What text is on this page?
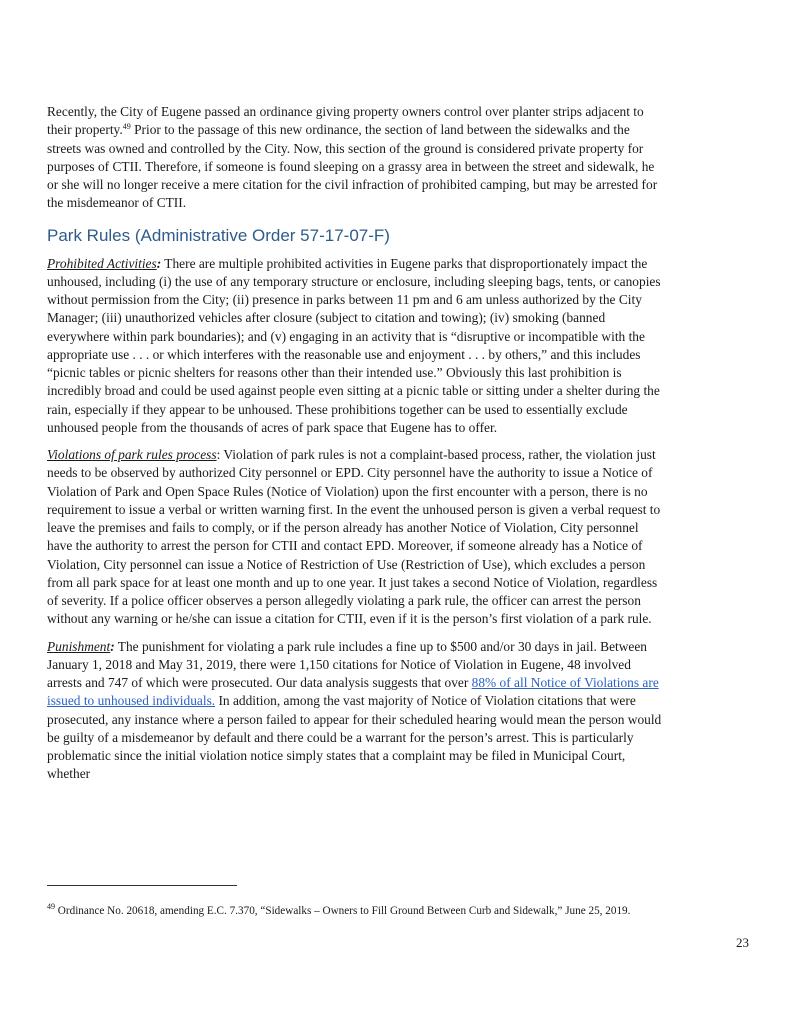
Recently, the City of Eugene passed an ordinance giving property owners control over planter strips adjacent to their property.$^{49}$ Prior to the passage of this new ordinance, the section of land between the sidewalks and the streets was owned and controlled by the City. Now, this section of the ground is considered private property for purposes of CTII. Therefore, if someone is found sleeping on a grassy area in between the street and sidewalk, he or she will no longer receive a mere citation for the civil infraction of prohibited camping, but may be arrested for the misdemeanor of CTII.

Park Rules (Administrative Order 57-17-07-F)

Prohibited Activities: There are multiple prohibited activities in Eugene parks that disproportionately impact the unhoused, including (i) the use of any temporary structure or enclosure, including sleeping bags, tents, or canopies without permission from the City; (ii) presence in parks between 11 pm and 6 am unless authorized by the City Manager; (iii) unauthorized vehicles after closure (subject to citation and towing); (iv) smoking (banned everywhere within park boundaries); and (v) engaging in an activity that is “disruptive or incompatible with the appropriate use . . . or which interferes with the reasonable use and enjoyment . . . by others,” and this includes “picnic tables or picnic shelters for reasons other than their intended use.” Obviously this last prohibition is incredibly broad and could be used against people even sitting at a picnic table or sitting under a shelter during the rain, especially if they appear to be unhoused. These prohibitions together can be used to essentially exclude unhoused people from the thousands of acres of park space that Eugene has to offer.

Violations of park rules process: Violation of park rules is not a complaint-based process, rather, the violation just needs to be observed by authorized City personnel or EPD. City personnel have the authority to issue a Notice of Violation of Park and Open Space Rules (Notice of Violation) upon the first encounter with a person, there is no requirement to issue a verbal or written warning first. In the event the unhoused person is given a verbal request to leave the premises and fails to comply, or if the person already has another Notice of Violation, City personnel have the authority to arrest the person for CTII and contact EPD. Moreover, if someone already has a Notice of Violation, City personnel can issue a Notice of Restriction of Use (Restriction of Use), which excludes a person from all park space for at least one month and up to one year. It just takes a second Notice of Violation, regardless of severity. If a police officer observes a person allegedly violating a park rule, the officer can arrest the person without any warning or he/she can issue a citation for CTII, even if it is the person’s first violation of a park rule.

Punishment: The punishment for violating a park rule includes a fine up to $500 and/or 30 days in jail. Between January 1, 2018 and May 31, 2019, there were 1,150 citations for Notice of Violation in Eugene, 48 involved arrests and 747 of which were prosecuted. Our data analysis suggests that over 88% of all Notice of Violations are issued to unhoused individuals. In addition, among the vast majority of Notice of Violation citations that were prosecuted, any instance where a person failed to appear for their scheduled hearing would mean the person would be guilty of a misdemeanor by default and there could be a warrant for the person’s arrest. This is particularly problematic since the initial violation notice simply states that a complaint may be filed in Municipal Court, whether

$^{49}$ Ordinance No. 20618, amending E.C. 7.370, “Sidewalks – Owners to Fill Ground Between Curb and Sidewalk,” June 25, 2019.

23
